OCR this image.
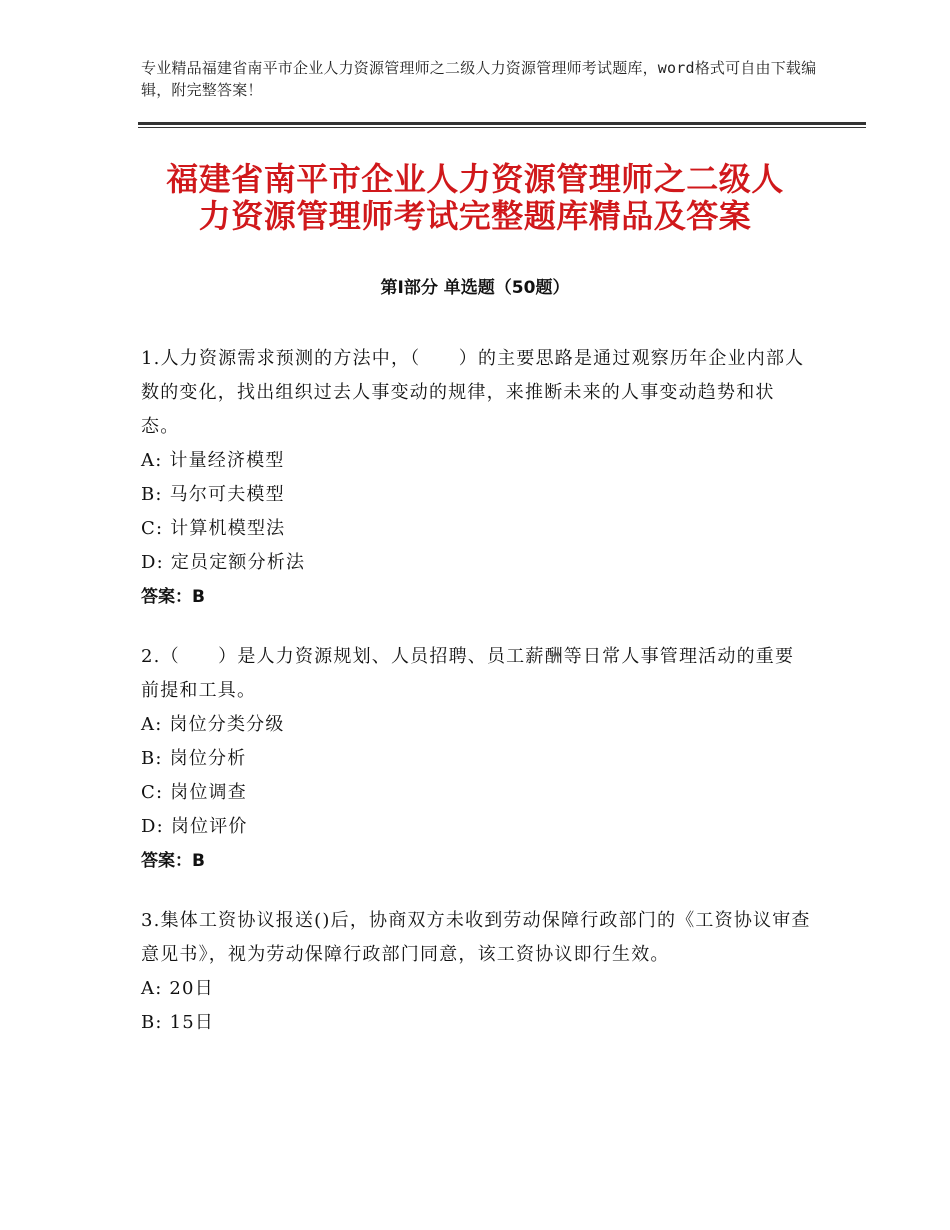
专业精品福建省南平市企业人力资源管理师之二级人力资源管理师考试题库，word格式可自由下载编辑，附完整答案！
福建省南平市企业人力资源管理师之二级人
力资源管理师考试完整题库精品及答案
第Ⅰ部分 单选题（50题）

1.人力资源需求预测的方法中，（　　）的主要思路是通过观察历年企业内部人数的变化，找出组织过去人事变动的规律，来推断未来的人事变动趋势和状态。

A: 计量经济模型

B: 马尔可夫模型

C: 计算机模型法

D: 定员定额分析法

答案：B

2.（　　）是人力资源规划、人员招聘、员工薪酬等日常人事管理活动的重要前提和工具。

A: 岗位分类分级

B: 岗位分析

C: 岗位调查

D: 岗位评价

答案：B

3.集体工资协议报送()后，协商双方未收到劳动保障行政部门的《工资协议审查意见书》，视为劳动保障行政部门同意，该工资协议即行生效。

A: 20日

B: 15日
